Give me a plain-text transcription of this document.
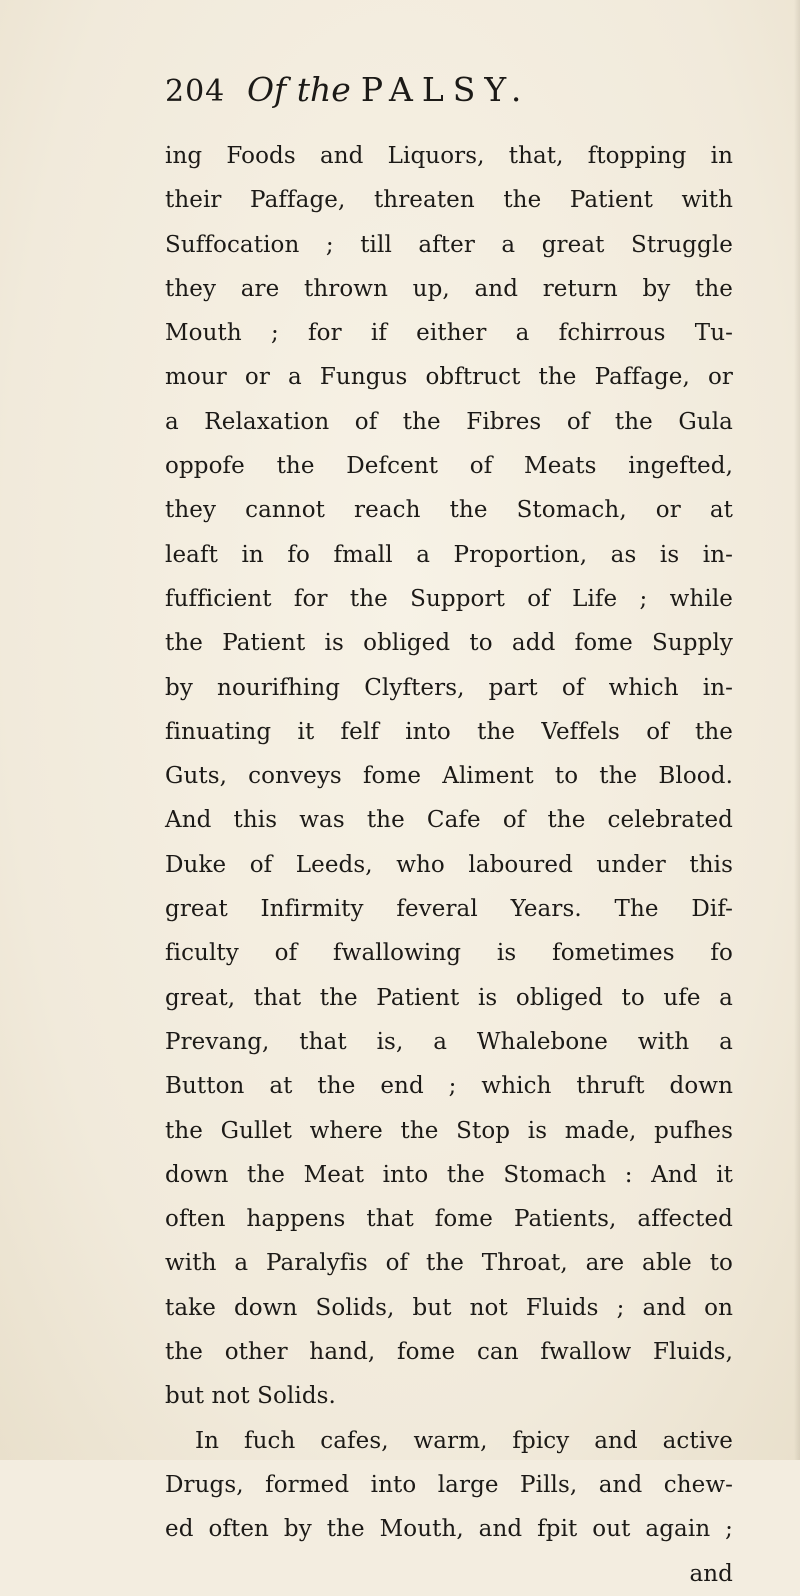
204 Of the PALSY.
ing Foods and Liquors, that, ftopping in
their Paffage, threaten the Patient with
Suffocation ; till after a great Struggle
they are thrown up, and return by the
Mouth ; for if either a fchirrous Tu-
mour or a Fungus obftruct the Paffage, or
a Relaxation of the Fibres of the Gula
oppofe the Defcent of Meats ingefted,
they cannot reach the Stomach, or at
leaft in fo fmall a Proportion, as is in-
fufficient for the Support of Life ; while
the Patient is obliged to add fome Supply
by nourifhing Clyfters, part of which in-
finuating it felf into the Veffels of the
Guts, conveys fome Aliment to the Blood.
And this was the Cafe of the celebrated
Duke of Leeds, who laboured under this
great Infirmity feveral Years. The Dif-
ficulty of fwallowing is fometimes fo
great, that the Patient is obliged to ufe a
Prevang, that is, a Whalebone with a
Button at the end ; which thruft down
the Gullet where the Stop is made, pufhes
down the Meat into the Stomach : And it
often happens that fome Patients, affected
with a Paralyfis of the Throat, are able to
take down Solids, but not Fluids ; and on
the other hand, fome can fwallow Fluids,
but not Solids.
In fuch cafes, warm, fpicy and active
Drugs, formed into large Pills, and chew-
ed often by the Mouth, and fpit out again ;
and
